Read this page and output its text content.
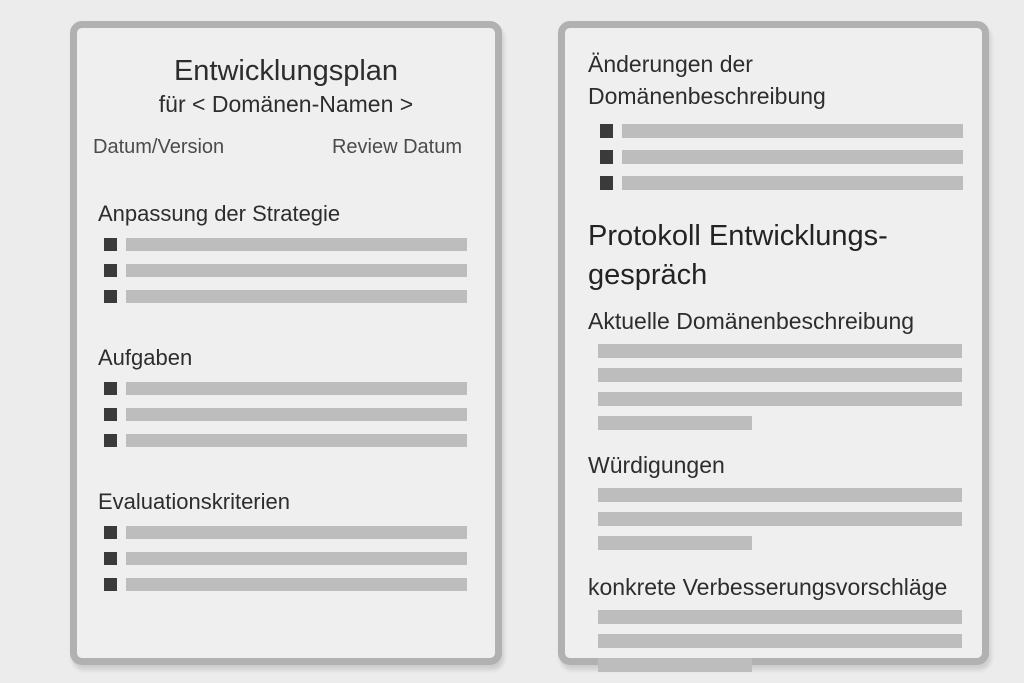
Entwicklungsplan
für < Domänen-Namen >
Datum/Version	Review Datum
Anpassung der Strategie
Aufgaben
Evaluationskriterien
Änderungen der Domänenbeschreibung
Protokoll Entwicklungs-gespräch
Aktuelle Domänenbeschreibung
Würdigungen
konkrete Verbesserungsvorschläge
